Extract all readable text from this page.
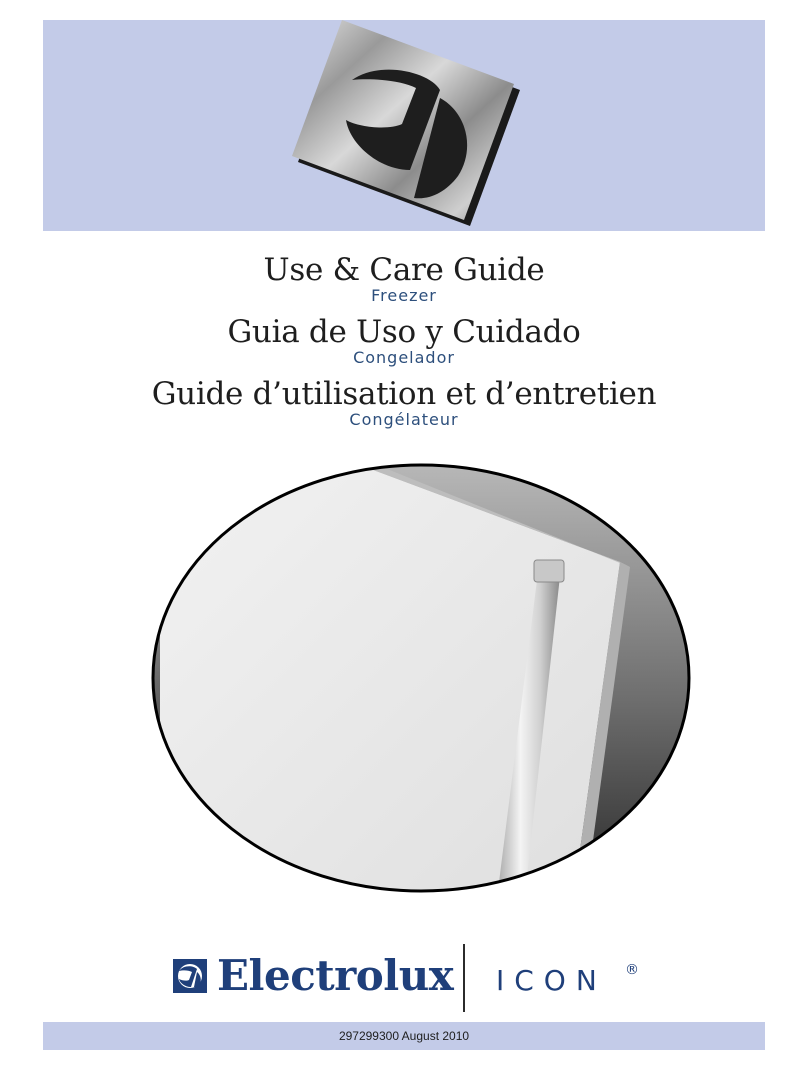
Use & Care Guide
Freezer
Guia de Uso y Cuidado
Congelador
Guide d’utilisation et d’entretien
Congélateur
Electrolux ICON ®
297299300 August 2010
